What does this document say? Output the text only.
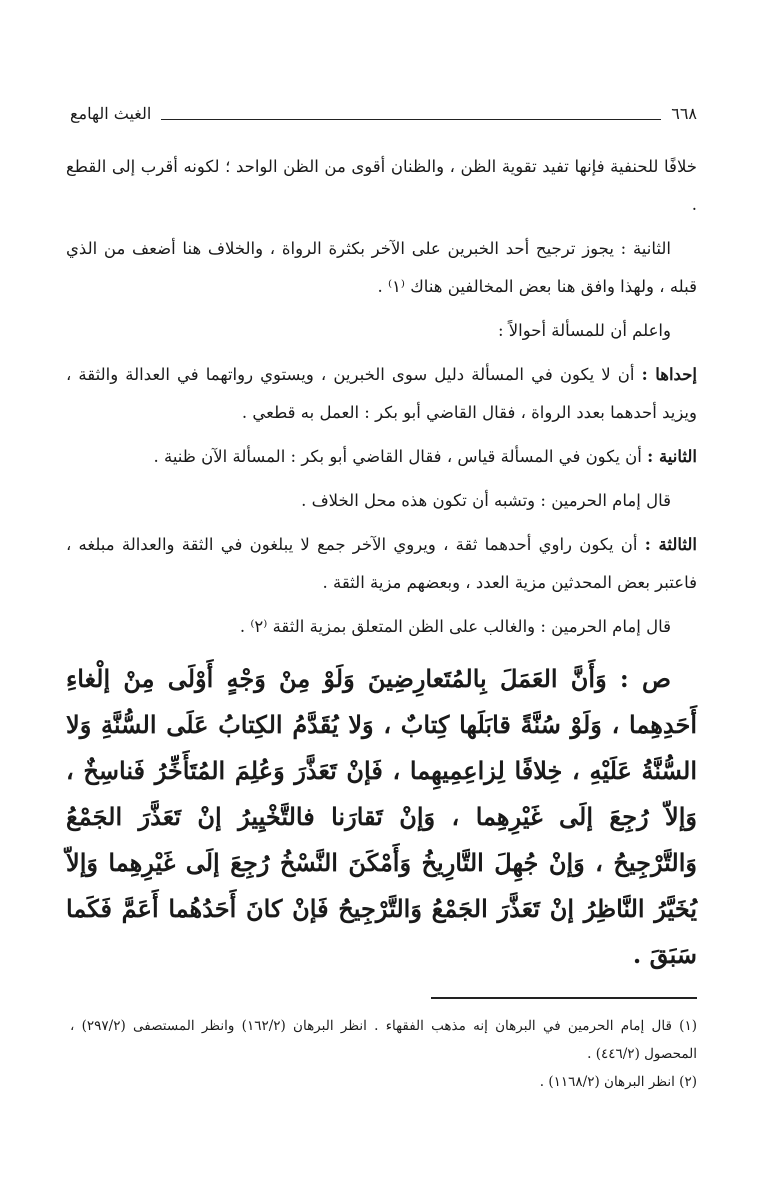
٦٦٨
الغيث الهامع

خلافًا للحنفية فإنها تفيد تقوية الظن ، والظنان أقوى من الظن الواحد ؛ لكونه أقرب إلى القطع .

الثانية : يجوز ترجيح أحد الخبرين على الآخر بكثرة الرواة ، والخلاف هنا أضعف من الذي قبله ، ولهذا وافق هنا بعض المخالفين هناك ⁽١⁾ .

واعلم أن للمسألة أحوالاً :

إحداها : أن لا يكون في المسألة دليل سوى الخبرين ، ويستوي رواتهما في العدالة والثقة ، ويزيد أحدهما بعدد الرواة ، فقال القاضي أبو بكر : العمل به قطعي .

الثانية : أن يكون في المسألة قياس ، فقال القاضي أبو بكر : المسألة الآن ظنية .

قال إمام الحرمين : وتشبه أن تكون هذه محل الخلاف .

الثالثة : أن يكون راوي أحدهما ثقة ، ويروي الآخر جمع لا يبلغون في الثقة والعدالة مبلغه ، فاعتبر بعض المحدثين مزية العدد ، وبعضهم مزية الثقة .

قال إمام الحرمين : والغالب على الظن المتعلق بمزية الثقة ⁽٢⁾ .

ص : وَأَنَّ العَمَلَ بِالمُتَعارِضِينَ وَلَوْ مِنْ وَجْهٍ أَوْلَى مِنْ إلْغاءِ أَحَدِهِما ، وَلَوْ سُنَّةً قابَلَها كِتابٌ ، وَلا يُقَدَّمُ الكِتابُ عَلَى السُّنَّةِ وَلا السُّنَّةُ عَلَيْهِ ، خِلافًا لِزاعِمِيهِما ، فَإنْ تَعَذَّرَ وَعُلِمَ المُتَأَخِّرُ فَناسِخٌ ، وَإلاّ رُجِعَ إلَى غَيْرِهِما ، وَإنْ تَقارَنا فالتَّخْيِيرُ إنْ تَعَذَّرَ الجَمْعُ وَالتَّرْجِيحُ ، وَإنْ جُهِلَ التَّارِيخُ وَأَمْكَنَ النَّسْخُ رُجِعَ إلَى غَيْرِهِما وَإلاّ يُخَيَّرُ النَّاظِرُ إنْ تَعَذَّرَ الجَمْعُ وَالتَّرْجِيحُ فَإنْ كانَ أَحَدُهُما أَعَمَّ فَكَما سَبَقَ .

(١) قال إمام الحرمين في البرهان إنه مذهب الفقهاء . انظر البرهان (١٦٢/٢) وانظر المستصفى (٢٩٧/٢) ، المحصول (٤٤٦/٢) .

(٢) انظر البرهان (١١٦٨/٢) .
